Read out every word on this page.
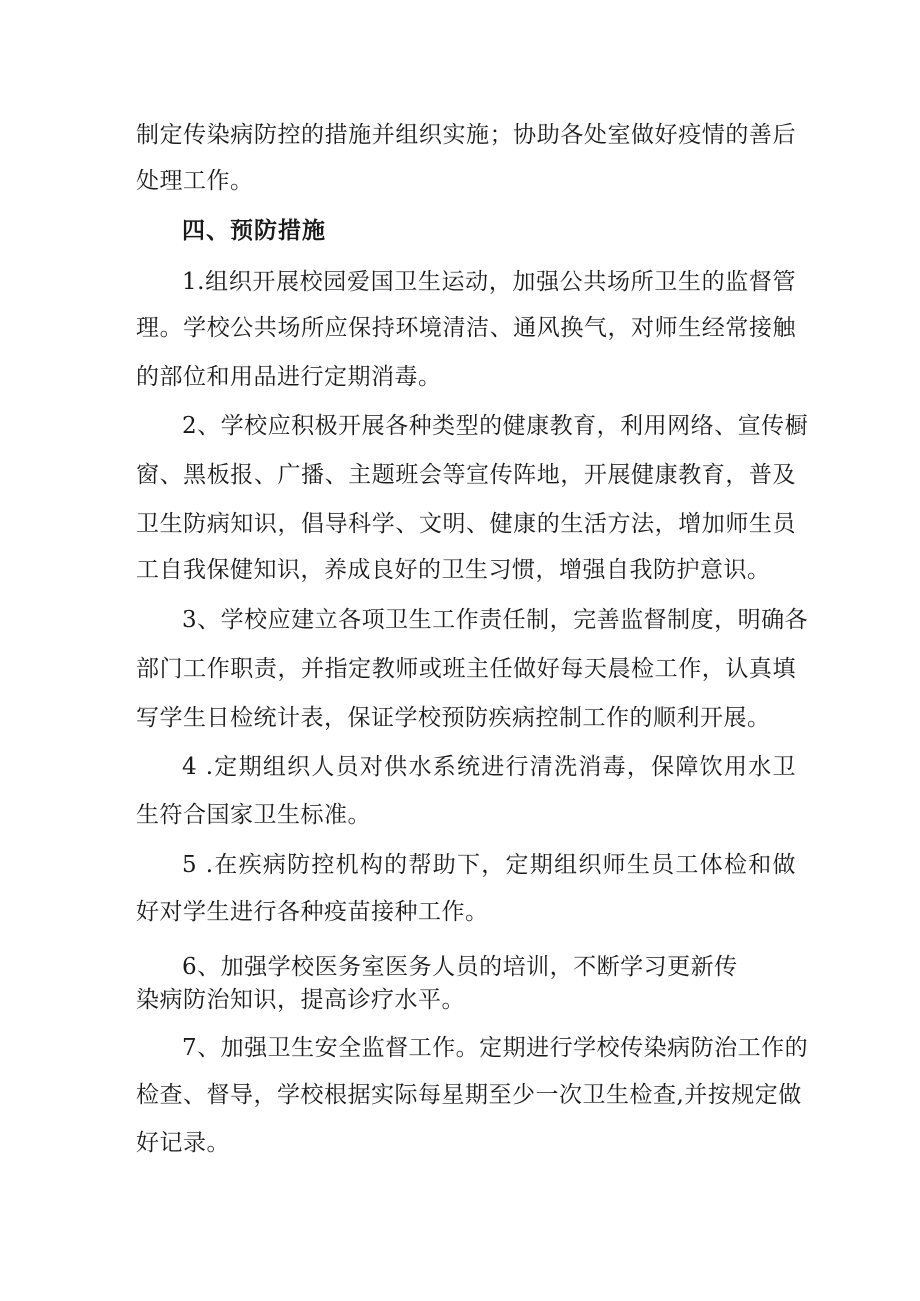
制定传染病防控的措施并组织实施；协助各处室做好疫情的善后
处理工作。
四、预防措施
1.组织开展校园爱国卫生运动，加强公共场所卫生的监督管
理。学校公共场所应保持环境清洁、通风换气，对师生经常接触
的部位和用品进行定期消毒。
2、学校应积极开展各种类型的健康教育，利用网络、宣传橱
窗、黑板报、广播、主题班会等宣传阵地，开展健康教育，普及
卫生防病知识，倡导科学、文明、健康的生活方法，增加师生员
工自我保健知识，养成良好的卫生习惯，增强自我防护意识。
3、学校应建立各项卫生工作责任制，完善监督制度，明确各
部门工作职责，并指定教师或班主任做好每天晨检工作，认真填
写学生日检统计表，保证学校预防疾病控制工作的顺利开展。
4 .定期组织人员对供水系统进行清洗消毒，保障饮用水卫
生符合国家卫生标准。
5 .在疾病防控机构的帮助下，定期组织师生员工体检和做
好对学生进行各种疫苗接种工作。
6、加强学校医务室医务人员的培训，不断学习更新传
染病防治知识，提高诊疗水平。
7、加强卫生安全监督工作。定期进行学校传染病防治工作的
检查、督导，学校根据实际每星期至少一次卫生检查,并按规定做
好记录。
